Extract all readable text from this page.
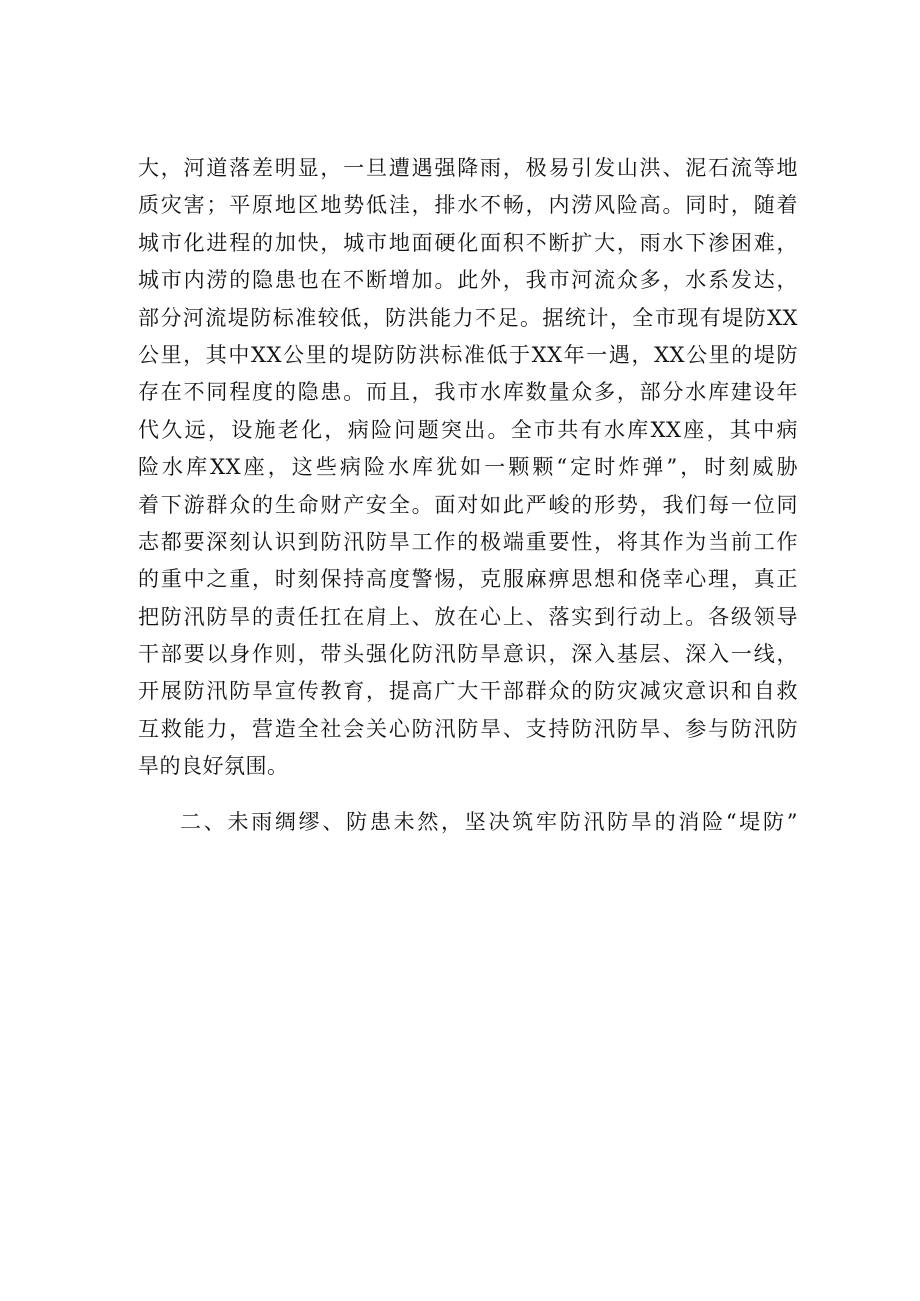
大，河道落差明显，一旦遭遇强降雨，极易引发山洪、泥石流等地
质灾害；平原地区地势低洼，排水不畅，内涝风险高。同时，随着
城市化进程的加快，城市地面硬化面积不断扩大，雨水下渗困难，
城市内涝的隐患也在不断增加。此外，我市河流众多，水系发达，
部分河流堤防标准较低，防洪能力不足。据统计，全市现有堤防XX
公里，其中XX公里的堤防防洪标准低于XX年一遇，XX公里的堤防
存在不同程度的隐患。而且，我市水库数量众多，部分水库建设年
代久远，设施老化，病险问题突出。全市共有水库XX座，其中病
险水库XX座，这些病险水库犹如一颗颗“定时炸弹”，时刻威胁
着下游群众的生命财产安全。面对如此严峻的形势，我们每一位同
志都要深刻认识到防汛防旱工作的极端重要性，将其作为当前工作
的重中之重，时刻保持高度警惕，克服麻痹思想和侥幸心理，真正
把防汛防旱的责任扛在肩上、放在心上、落实到行动上。各级领导
干部要以身作则，带头强化防汛防旱意识，深入基层、深入一线，
开展防汛防旱宣传教育，提高广大干部群众的防灾减灾意识和自救
互救能力，营造全社会关心防汛防旱、支持防汛防旱、参与防汛防
旱的良好氛围。
二、未雨绸缪、防患未然，坚决筑牢防汛防旱的消险“堤防”
